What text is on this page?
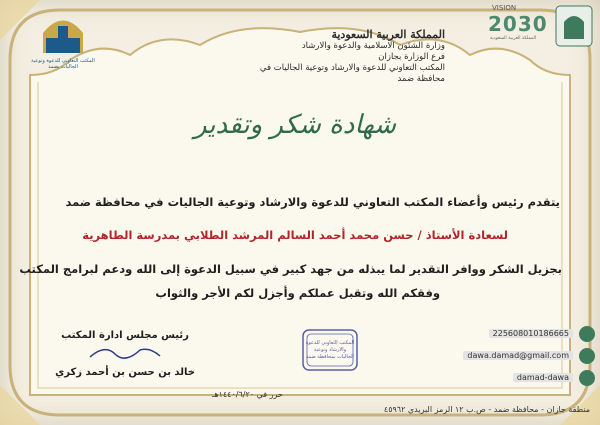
المكتب التعاوني للدعوة وتوعية الجاليات بضمد
المملكة العربية السعودية
وزارة الشئون الاسلامية والدعوة والارشاد
فرع الوزارة بجازان
المكتب التعاوني للدعوة والارشاد وتوعية الجاليات في محافظة ضمد
VISION
2030
المملكة العربية السعودية
شهادة شكر وتقدير
يتقدم رئيس وأعضاء المكتب التعاوني للدعوة والارشاد وتوعية الجاليات في محافظة ضمد
لسعادة الأستاذ / حسن محمد أحمد السالم المرشد الطلابي بمدرسة الطاهرية
بجزيل الشكر ووافر التقدير لما يبذله من جهد كبير في سبيل الدعوة إلى الله ودعم لبرامج المكتب
وفقكم الله وتقبل عملكم وأجزل لكم الأجر والثواب
رئيس مجلس ادارة المكتب
خالد بن حسن بن أحمد زكري
المكتب التعاوني للدعوة والارشاد وتوعية الجاليات بمحافظة ضمد
حرر في ١٤٤٠/٦/٢٠هـ
225608010186665
dawa.damad@gmail.com
damad-dawa
منطقة جازان - محافظة ضمد - ص.ب ١٢ الرمز البريدي ٤٥٩٦٢
